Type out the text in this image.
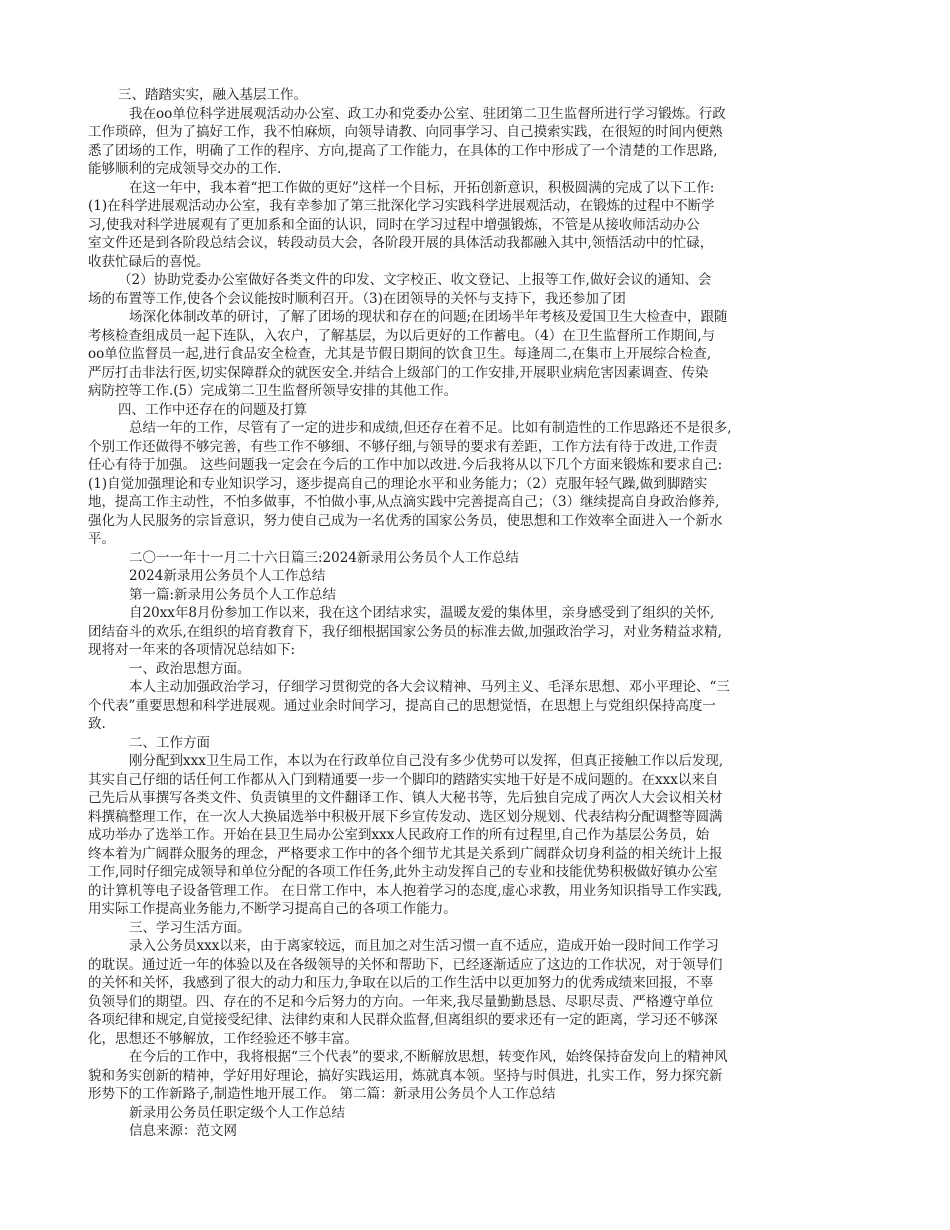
三、踏踏实实，融入基层工作。
我在oo单位科学进展观活动办公室、政工办和党委办公室、驻团第二卫生监督所进行学习锻炼。行政
工作琐碎，但为了搞好工作，我不怕麻烦，向领导请教、向同事学习、自己摸索实践，在很短的时间内便熟
悉了团场的工作，明确了工作的程序、方向,提高了工作能力，在具体的工作中形成了一个清楚的工作思路,
能够顺利的完成领导交办的工作.
在这一年中，我本着“把工作做的更好”这样一个目标，开拓创新意识，积极圆满的完成了以下工作:
(1)在科学进展观活动办公室，我有幸参加了第三批深化学习实践科学进展观活动，在锻炼的过程中不断学
习,使我对科学进展观有了更加系和全面的认识，同时在学习过程中增强锻炼，不管是从接收师活动办公
室文件还是到各阶段总结会议，转段动员大会，各阶段开展的具体活动我都融入其中,领悟活动中的忙碌，
收获忙碌后的喜悦。
（2）协助党委办公室做好各类文件的印发、文字校正、收文登记、上报等工作,做好会议的通知、会
场的布置等工作,使各个会议能按时顺利召开。（3)在团领导的关怀与支持下，我还参加了团
场深化体制改革的研讨，了解了团场的现状和存在的问题;在团场半年考核及爱国卫生大检查中，跟随
考核检查组成员一起下连队，入农户，了解基层，为以后更好的工作蓄电。（4）在卫生监督所工作期间,与
oo单位监督员一起,进行食品安全检查，尤其是节假日期间的饮食卫生。每逢周二,在集市上开展综合检查,
严厉打击非法行医,切实保障群众的就医安全.并结合上级部门的工作安排,开展职业病危害因素调查、传染
病防控等工作.(5）完成第二卫生监督所领导安排的其他工作。
四、工作中还存在的问题及打算
总结一年的工作，尽管有了一定的进步和成绩,但还存在着不足。比如有制造性的工作思路还不是很多,
个别工作还做得不够完善，有些工作不够细、不够仔细,与领导的要求有差距，工作方法有待于改进,工作责
任心有待于加强。 这些问题我一定会在今后的工作中加以改进.今后我将从以下几个方面来锻炼和要求自己:
(1)自觉加强理论和专业知识学习，逐步提高自己的理论水平和业务能力；（2）克服年轻气躁,做到脚踏实
地，提高工作主动性，不怕多做事，不怕做小事,从点滴实践中完善提高自己；（3）继续提高自身政治修养,
强化为人民服务的宗旨意识，努力使自己成为一名优秀的国家公务员，使思想和工作效率全面进入一个新水
平。
二〇一一年十一月二十六日篇三:2024新录用公务员个人工作总结
2024新录用公务员个人工作总结
第一篇:新录用公务员个人工作总结
自20xx年8月份参加工作以来，我在这个团结求实，温暖友爱的集体里，亲身感受到了组织的关怀,
团结奋斗的欢乐,在组织的培育教育下，我仔细根据国家公务员的标准去做,加强政治学习，对业务精益求精,
现将对一年来的各项情况总结如下:
一、政治思想方面。
本人主动加强政治学习，仔细学习贯彻党的各大会议精神、马列主义、毛泽东思想、邓小平理论、“三
个代表”重要思想和科学进展观。通过业余时间学习，提高自己的思想觉悟，在思想上与党组织保持高度一
致.
二、工作方面
刚分配到xxx卫生局工作，本以为在行政单位自己没有多少优势可以发挥，但真正接触工作以后发现,
其实自己仔细的话任何工作都从入门到精通要一步一个脚印的踏踏实实地干好是不成问题的。在xxx以来自
己先后从事撰写各类文件、负责镇里的文件翻译工作、镇人大秘书等，先后独自完成了两次人大会议相关材
料撰稿整理工作，在一次人大换届选举中积极开展下乡宣传发动、选区划分规划、代表结构分配调整等圆满
成功举办了选举工作。开始在县卫生局办公室到xxx人民政府工作的所有过程里,自己作为基层公务员，始
终本着为广阔群众服务的理念，严格要求工作中的各个细节尤其是关系到广阔群众切身利益的相关统计上报
工作,同时仔细完成领导和单位分配的各项工作任务,此外主动发挥自己的专业和技能优势积极做好镇办公室
的计算机等电子设备管理工作。 在日常工作中，本人抱着学习的态度,虚心求教，用业务知识指导工作实践,
用实际工作提高业务能力,不断学习提高自己的各项工作能力。
三、学习生活方面。
录入公务员xxx以来，由于离家较远，而且加之对生活习惯一直不适应，造成开始一段时间工作学习
的耽误。通过近一年的体验以及在各级领导的关怀和帮助下，已经逐渐适应了这边的工作状况，对于领导们
的关怀和关怀，我感到了很大的动力和压力,争取在以后的工作生活中以更加努力的优秀成绩来回报，不辜
负领导们的期望。四、存在的不足和今后努力的方向。一年来,我尽量勤勤恳恳、尽职尽责、严格遵守单位
各项纪律和规定,自觉接受纪律、法律约束和人民群众监督,但离组织的要求还有一定的距离，学习还不够深
化，思想还不够解放，工作经验还不够丰富。
在今后的工作中，我将根据“三个代表”的要求,不断解放思想，转变作风，始终保持奋发向上的精神风
貌和务实创新的精神，学好用好理论，搞好实践运用，炼就真本领。坚持与时俱进，扎实工作，努力探究新
形势下的工作新路子,制造性地开展工作。 第二篇：新录用公务员个人工作总结
新录用公务员任职定级个人工作总结
信息来源：范文网
